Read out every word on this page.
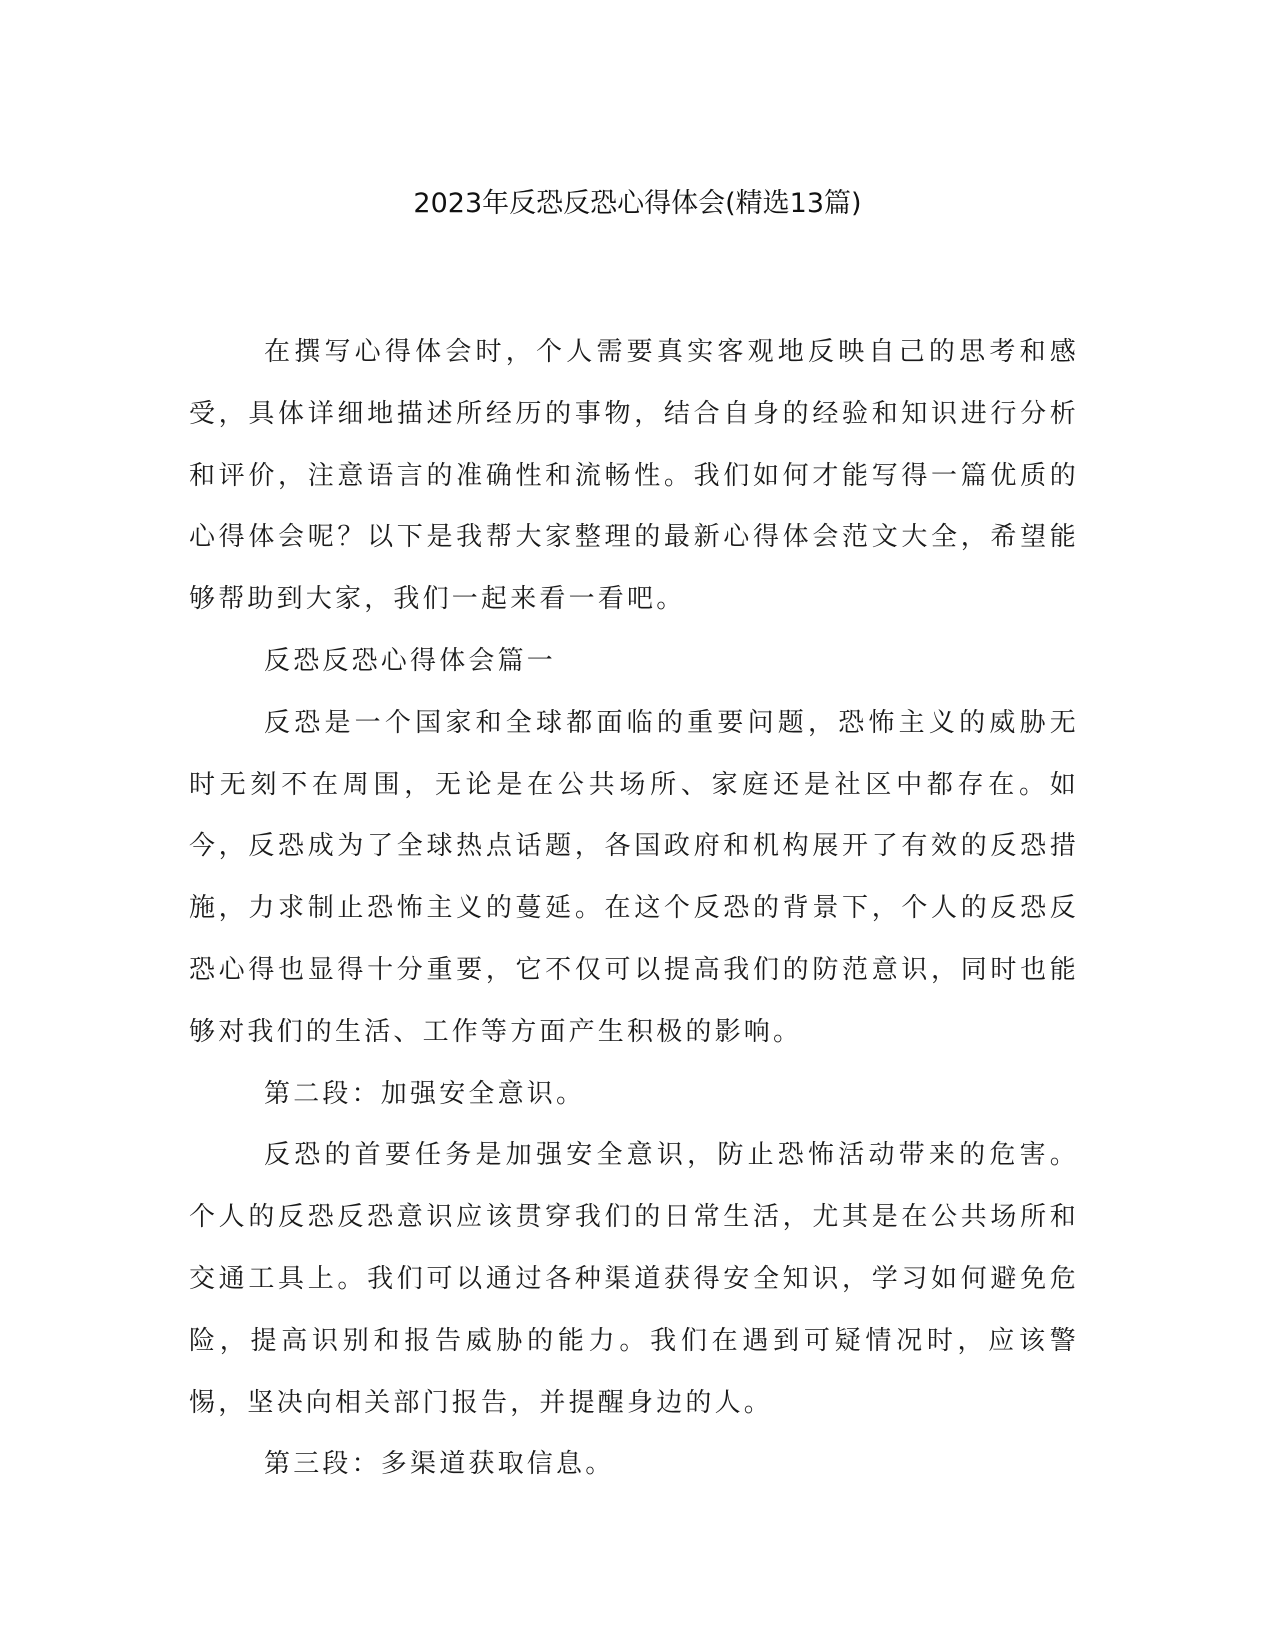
2023年反恐反恐心得体会(精选13篇)

在撰写心得体会时，个人需要真实客观地反映自己的思考和感受，具体详细地描述所经历的事物，结合自身的经验和知识进行分析和评价，注意语言的准确性和流畅性。我们如何才能写得一篇优质的心得体会呢？以下是我帮大家整理的最新心得体会范文大全，希望能够帮助到大家，我们一起来看一看吧。

反恐反恐心得体会篇一

反恐是一个国家和全球都面临的重要问题，恐怖主义的威胁无时无刻不在周围，无论是在公共场所、家庭还是社区中都存在。如今，反恐成为了全球热点话题，各国政府和机构展开了有效的反恐措施，力求制止恐怖主义的蔓延。在这个反恐的背景下，个人的反恐反恐心得也显得十分重要，它不仅可以提高我们的防范意识，同时也能够对我们的生活、工作等方面产生积极的影响。

第二段：加强安全意识。

反恐的首要任务是加强安全意识，防止恐怖活动带来的危害。个人的反恐反恐意识应该贯穿我们的日常生活，尤其是在公共场所和交通工具上。我们可以通过各种渠道获得安全知识，学习如何避免危险，提高识别和报告威胁的能力。我们在遇到可疑情况时，应该警惕，坚决向相关部门报告，并提醒身边的人。

第三段：多渠道获取信息。
